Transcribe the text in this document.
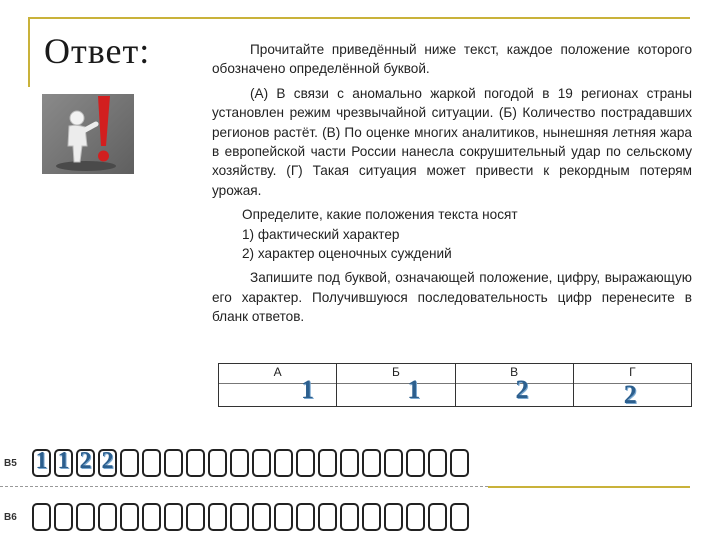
Ответ:	Прочитайте приведённый ниже текст, каждое положение которого обозначено определённой буквой.

(А) В связи с аномально жаркой погодой в 19 регионах страны установлен режим чрезвычайной ситуации. (Б) Количество пострадавших регионов растёт. (В) По оценке многих аналитиков, нынешняя летняя жара в европейской части России нанесла сокрушительный удар по сельскому хозяйству. (Г) Такая ситуация может привести к рекордным потерям урожая.

Определите, какие положения текста носят

1) фактический характер

2) характер оценочных суждений

Запишите под буквой, означающей положение, цифру, выражающую его характер. Получившуюся последовательность цифр перенесите в бланк ответов.

А
1
Б
1
В
2
Г
2
B5 1 1 2 2
B6
